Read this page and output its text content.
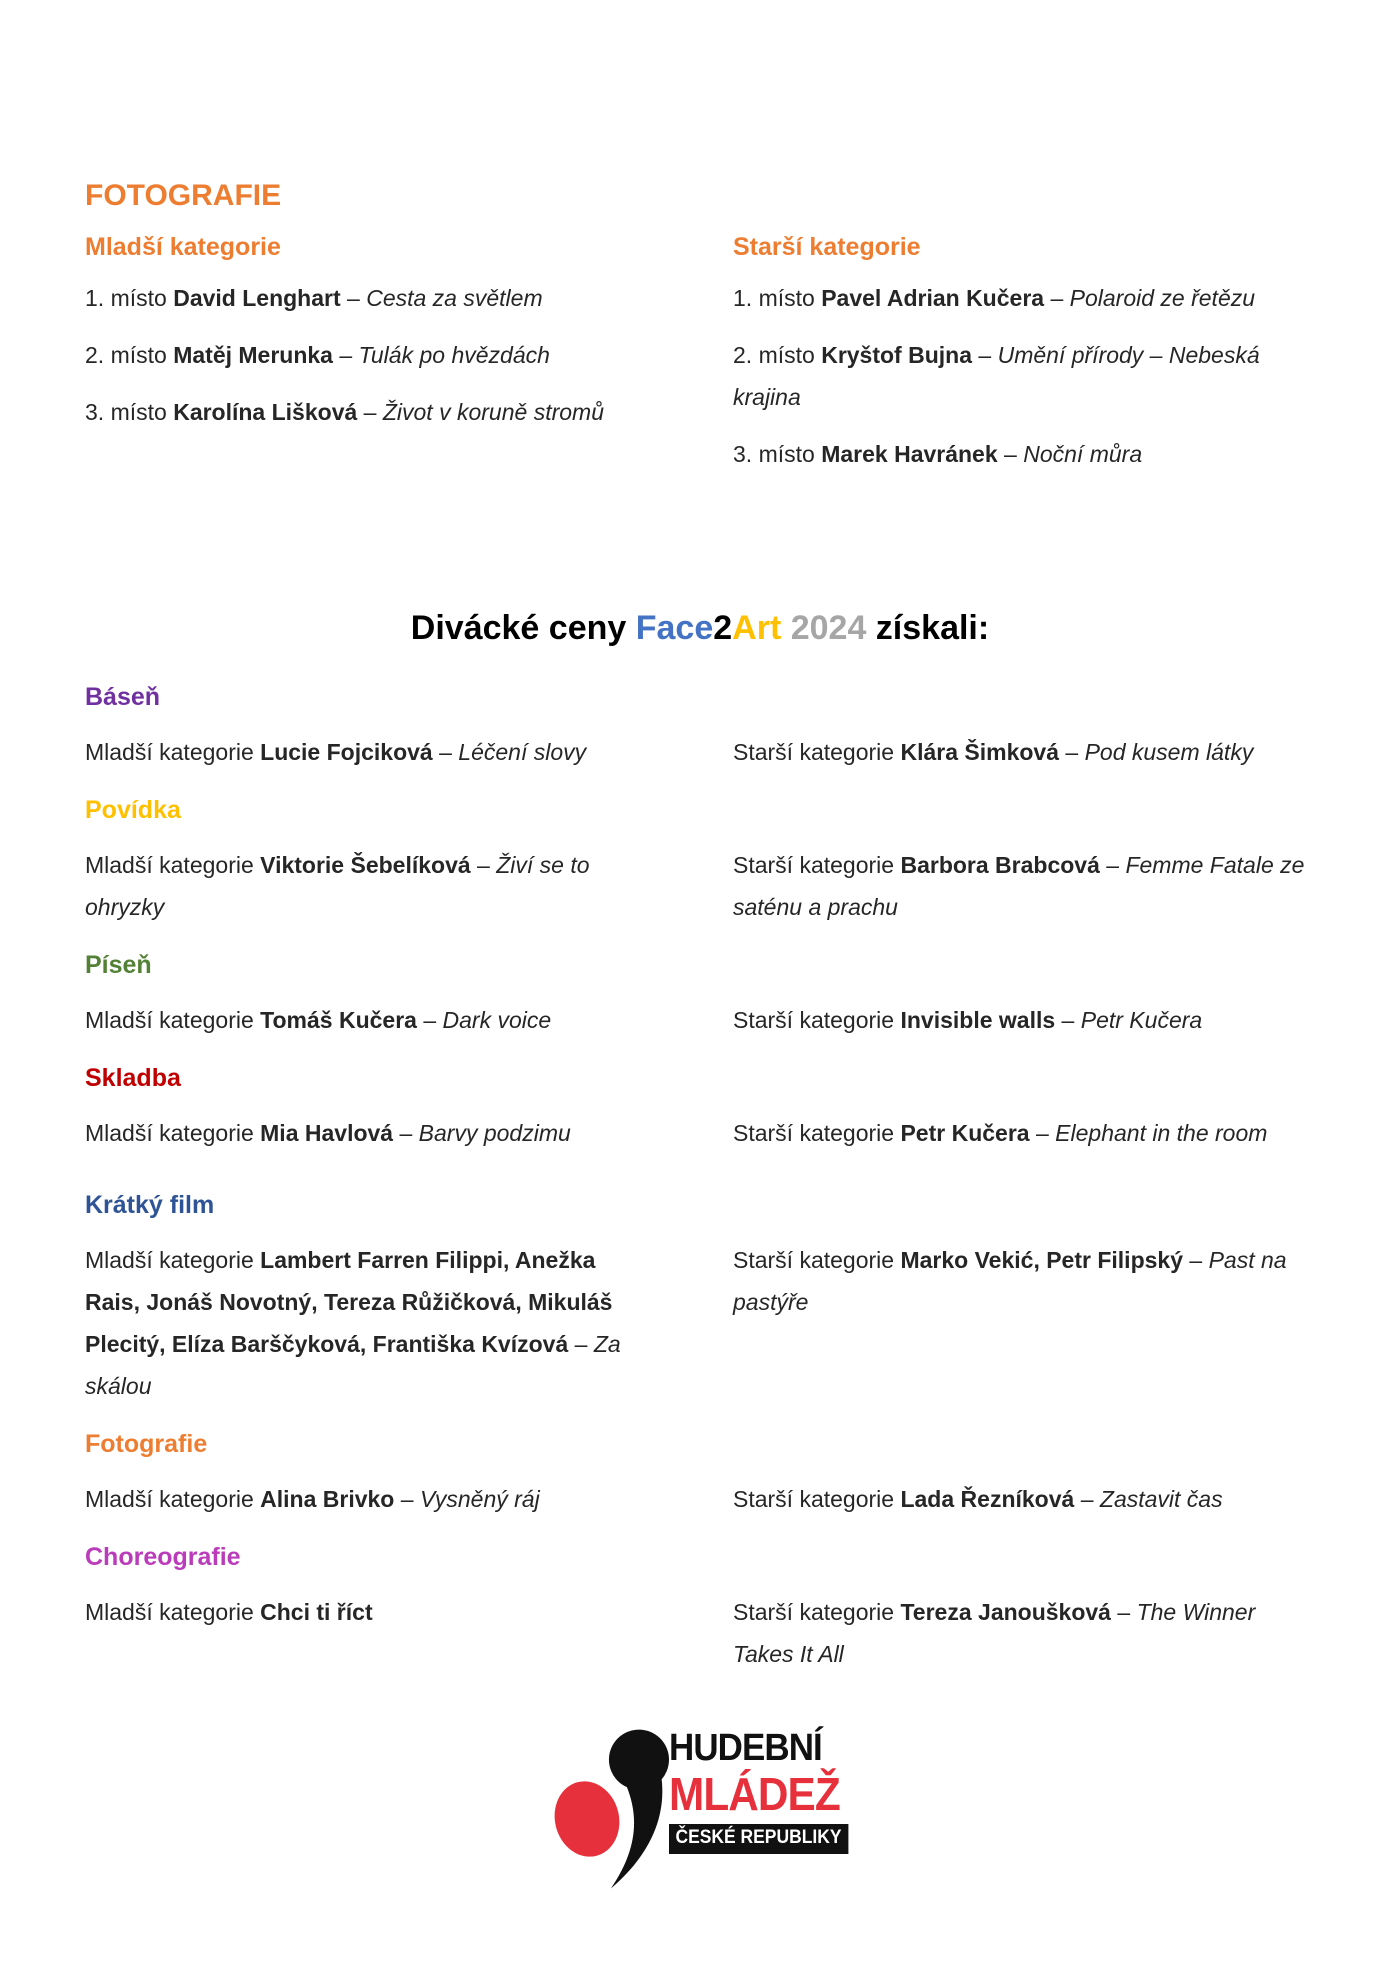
FOTOGRAFIE
Mladší kategorie

1. místo David Lenghart – Cesta za světlem

2. místo Matěj Merunka – Tulák po hvězdách

3. místo Karolína Lišková – Život v koruně stromů

Starší kategorie

1. místo Pavel Adrian Kučera – Polaroid ze řetězu

2. místo Kryštof Bujna – Umění přírody – Nebeská krajina

3. místo Marek Havránek – Noční můra

Divácké ceny Face2Art 2024 získali:
Báseň

Mladší kategorie Lucie Fojciková – Léčení slovy	Starší kategorie Klára Šimková – Pod kusem látky

Povídka

Mladší kategorie Viktorie Šebelíková – Živí se to ohryzky

Starší kategorie Barbora Brabcová – Femme Fatale ze saténu a prachu

Píseň

Mladší kategorie Tomáš Kučera – Dark voice	Starší kategorie Invisible walls – Petr Kučera

Skladba

Mladší kategorie Mia Havlová – Barvy podzimu	Starší kategorie Petr Kučera – Elephant in the room

Krátký film

Mladší kategorie Lambert Farren Filippi, Anežka Rais, Jonáš Novotný, Tereza Růžičková, Mikuláš Plecitý, Elíza Barščyková, Františka Kvízová – Za skálou

Starší kategorie Marko Vekić, Petr Filipský – Past na pastýře

Fotografie

Mladší kategorie Alina Brivko – Vysněný ráj	Starší kategorie Lada Řezníková – Zastavit čas

Choreografie

Mladší kategorie Chci ti říct	Starší kategorie Tereza Janoušková – The Winner Takes It All

HUDEBNÍ
MLÁDEŽ
ČESKÉ REPUBLIKY
